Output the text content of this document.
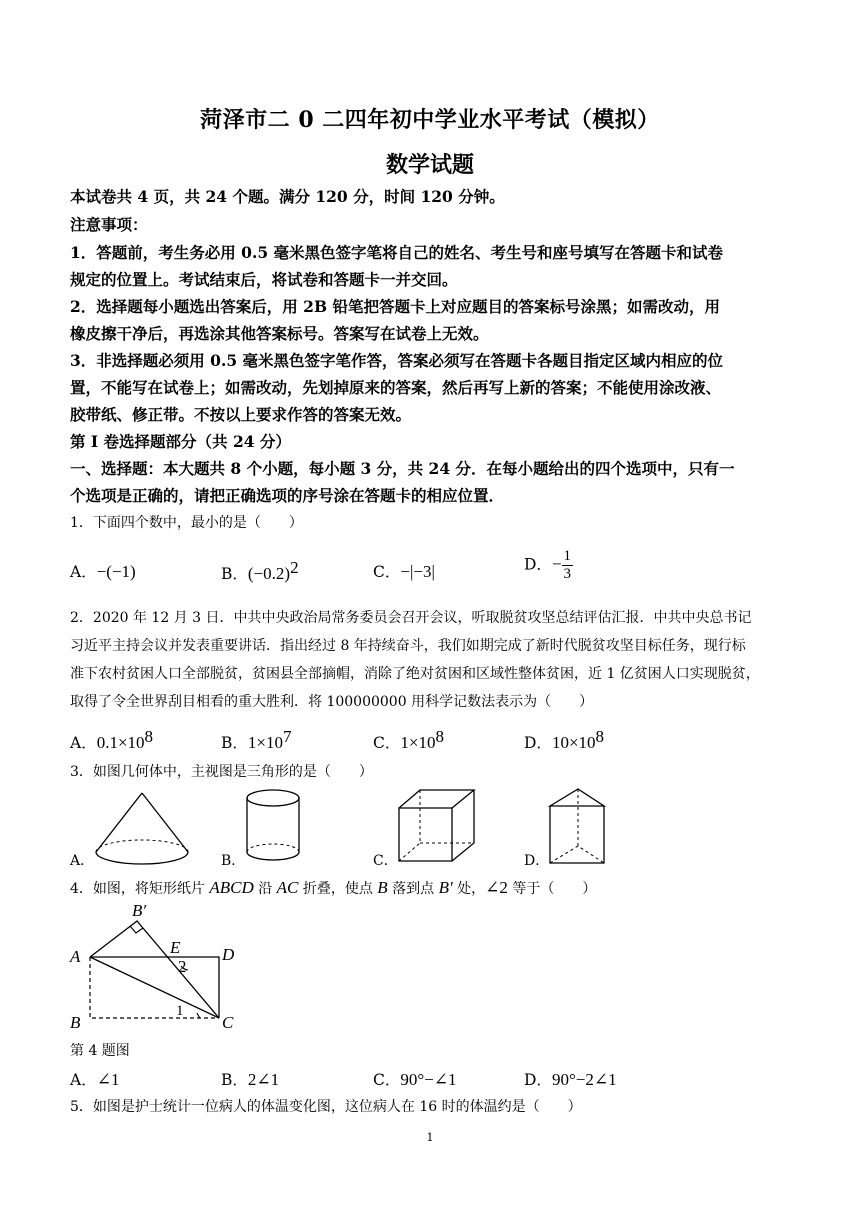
菏泽市二 0 二四年初中学业水平考试（模拟）
数学试题
本试卷共 4 页，共 24 个题。满分 120 分，时间 120 分钟。
注意事项：
1．答题前，考生务必用 0.5 毫米黑色签字笔将自己的姓名、考生号和座号填写在答题卡和试卷
规定的位置上。考试结束后，将试卷和答题卡一并交回。
2．选择题每小题选出答案后，用 2B 铅笔把答题卡上对应题目的答案标号涂黑；如需改动，用
橡皮擦干净后，再选涂其他答案标号。答案写在试卷上无效。
3．非选择题必须用 0.5 毫米黑色签字笔作答，答案必须写在答题卡各题目指定区域内相应的位
置，不能写在试卷上；如需改动，先划掉原来的答案，然后再写上新的答案；不能使用涂改液、
胶带纸、修正带。不按以上要求作答的答案无效。
第 I 卷选择题部分（共 24 分）
一、选择题：本大题共 8 个小题，每小题 3 分，共 24 分．在每小题给出的四个选项中，只有一
个选项是正确的，请把正确选项的序号涂在答题卡的相应位置．
1．下面四个数中，最小的是（　　）
A．−(−1)	B．$(-0.2)^2$	C．−|−3|	D．− $\frac{1}{3}$
2．2020 年 12 月 3 日．中共中央政治局常务委员会召开会议，听取脱贫攻坚总结评估汇报．中共中央总书记
习近平主持会议并发表重要讲话．指出经过 8 年持续奋斗，我们如期完成了新时代脱贫攻坚目标任务，现行标
准下农村贫困人口全部脱贫，贫困县全部摘帽，消除了绝对贫困和区域性整体贫困，近 1 亿贫困人口实现脱贫，
取得了令全世界刮目相看的重大胜利．将 100000000 用科学记数法表示为（　　）
A．$0.1\times 10^8$	B．$1\times 10^7$	C．$1\times 10^8$	D．$10\times 10^8$
3．如图几何体中，主视图是三角形的是（　　）
A．	B．	C．	D．
4．如图，将矩形纸片 ABCD 沿 AC 折叠，使点 B 落到点 B′ 处，∠2 等于（　　）
A	D
C
B
E
B′
2
1
第 4 题图
A．∠1	B．2∠1	C．90°−∠1	D．90°−2∠1
5．如图是护士统计一位病人的体温变化图，这位病人在 16 时的体温约是（　　）
1
